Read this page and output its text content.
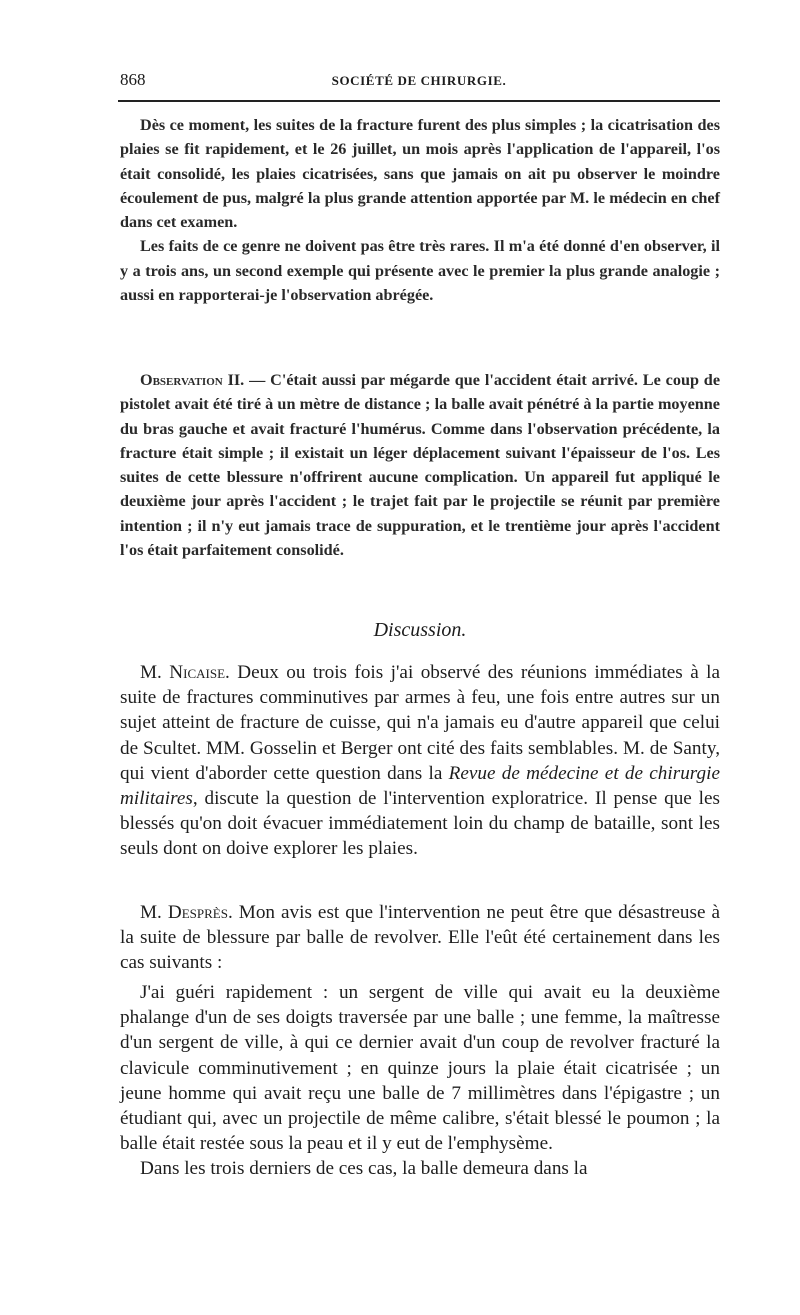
868	SOCIÉTÉ DE CHIRURGIE.

Dès ce moment, les suites de la fracture furent des plus simples ; la cicatrisation des plaies se fit rapidement, et le 26 juillet, un mois après l'application de l'appareil, l'os était consolidé, les plaies cicatrisées, sans que jamais on ait pu observer le moindre écoulement de pus, malgré la plus grande attention apportée par M. le médecin en chef dans cet examen.

Les faits de ce genre ne doivent pas être très rares. Il m'a été donné d'en observer, il y a trois ans, un second exemple qui présente avec le premier la plus grande analogie ; aussi en rapporterai-je l'observation abrégée.

Observation II. — C'était aussi par mégarde que l'accident était arrivé. Le coup de pistolet avait été tiré à un mètre de distance ; la balle avait pénétré à la partie moyenne du bras gauche et avait fracturé l'humérus. Comme dans l'observation précédente, la fracture était simple ; il existait un léger déplacement suivant l'épaisseur de l'os. Les suites de cette blessure n'offrirent aucune complication. Un appareil fut appliqué le deuxième jour après l'accident ; le trajet fait par le projectile se réunit par première intention ; il n'y eut jamais trace de suppuration, et le trentième jour après l'accident l'os était parfaitement consolidé.

Discussion.

M. Nicaise. Deux ou trois fois j'ai observé des réunions immédiates à la suite de fractures comminutives par armes à feu, une fois entre autres sur un sujet atteint de fracture de cuisse, qui n'a jamais eu d'autre appareil que celui de Scultet. MM. Gosselin et Berger ont cité des faits semblables. M. de Santy, qui vient d'aborder cette question dans la Revue de médecine et de chirurgie militaires, discute la question de l'intervention exploratrice. Il pense que les blessés qu'on doit évacuer immédiatement loin du champ de bataille, sont les seuls dont on doive explorer les plaies.

M. Desprès. Mon avis est que l'intervention ne peut être que désastreuse à la suite de blessure par balle de revolver. Elle l'eût été certainement dans les cas suivants :

J'ai guéri rapidement : un sergent de ville qui avait eu la deuxième phalange d'un de ses doigts traversée par une balle ; une femme, la maîtresse d'un sergent de ville, à qui ce dernier avait d'un coup de revolver fracturé la clavicule comminutivement ; en quinze jours la plaie était cicatrisée ; un jeune homme qui avait reçu une balle de 7 millimètres dans l'épigastre ; un étudiant qui, avec un projectile de même calibre, s'était blessé le poumon ; la balle était restée sous la peau et il y eut de l'emphysème.

Dans les trois derniers de ces cas, la balle demeura dans la
